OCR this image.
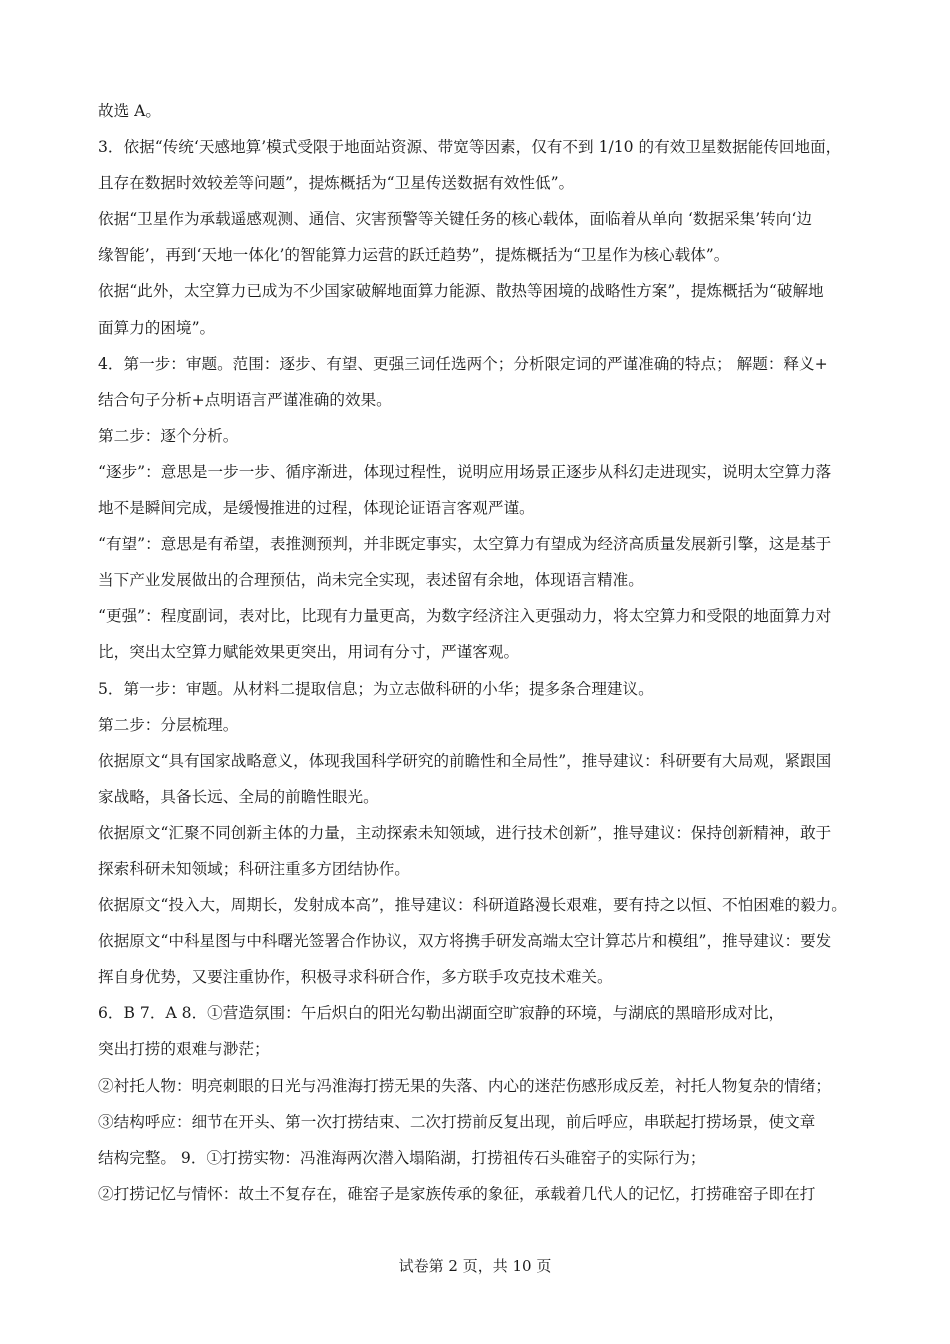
故选 A。
3．依据“传统‘天感地算’模式受限于地面站资源、带宽等因素，仅有不到 1/10 的有效卫星数据能传回地面，
且存在数据时效较差等问题”，提炼概括为“卫星传送数据有效性低”。
依据“卫星作为承载遥感观测、通信、灾害预警等关键任务的核心载体，面临着从单向 ‘数据采集’转向‘边
缘智能’，再到‘天地一体化’的智能算力运营的跃迁趋势”，提炼概括为“卫星作为核心载体”。
依据“此外，太空算力已成为不少国家破解地面算力能源、散热等困境的战略性方案”，提炼概括为“破解地
面算力的困境”。
4．第一步：审题。范围：逐步、有望、更强三词任选两个；分析限定词的严谨准确的特点； 解题：释义+
结合句子分析+点明语言严谨准确的效果。
第二步：逐个分析。
“逐步”：意思是一步一步、循序渐进，体现过程性，说明应用场景正逐步从科幻走进现实，说明太空算力落
地不是瞬间完成，是缓慢推进的过程，体现论证语言客观严谨。
“有望”：意思是有希望，表推测预判，并非既定事实，太空算力有望成为经济高质量发展新引擎，这是基于
当下产业发展做出的合理预估，尚未完全实现，表述留有余地，体现语言精准。
“更强”：程度副词，表对比，比现有力量更高，为数字经济注入更强动力，将太空算力和受限的地面算力对
比，突出太空算力赋能效果更突出，用词有分寸，严谨客观。
5．第一步：审题。从材料二提取信息；为立志做科研的小华；提多条合理建议。
第二步：分层梳理。
依据原文“具有国家战略意义，体现我国科学研究的前瞻性和全局性”，推导建议：科研要有大局观，紧跟国
家战略，具备长远、全局的前瞻性眼光。
依据原文“汇聚不同创新主体的力量，主动探索未知领域，进行技术创新”，推导建议：保持创新精神，敢于
探索科研未知领域；科研注重多方团结协作。
依据原文“投入大，周期长，发射成本高”，推导建议：科研道路漫长艰难，要有持之以恒、不怕困难的毅力。
依据原文“中科星图与中科曙光签署合作协议，双方将携手研发高端太空计算芯片和模组”，推导建议：要发
挥自身优势，又要注重协作，积极寻求科研合作，多方联手攻克技术难关。
6．B 7．A 8．①营造氛围：午后炽白的阳光勾勒出湖面空旷寂静的环境，与湖底的黑暗形成对比，
突出打捞的艰难与渺茫；
②衬托人物：明亮刺眼的日光与冯淮海打捞无果的失落、内心的迷茫伤感形成反差，衬托人物复杂的情绪；
③结构呼应：细节在开头、第一次打捞结束、二次打捞前反复出现，前后呼应，串联起打捞场景，使文章
结构完整。 9．①打捞实物：冯淮海两次潜入塌陷湖，打捞祖传石头碓窑子的实际行为；
②打捞记忆与情怀：故土不复存在，碓窑子是家族传承的象征，承载着几代人的记忆，打捞碓窑子即在打
试卷第 2 页，共 10 页
